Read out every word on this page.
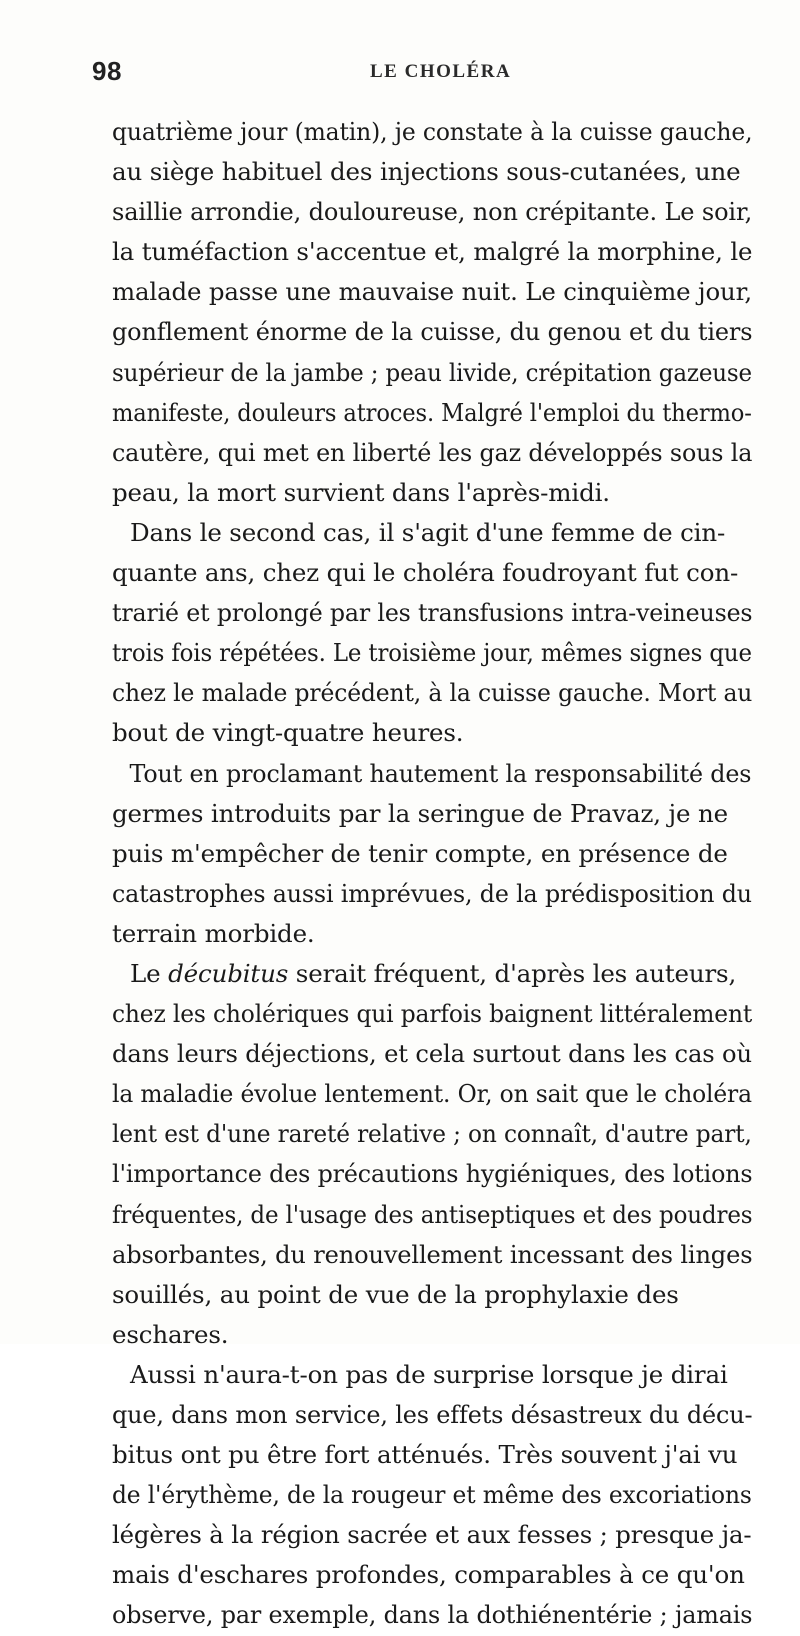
98	LE CHOLÉRA
quatrième jour (matin), je constate à la cuisse gauche,
au siège habituel des injections sous-cutanées, une
saillie arrondie, douloureuse, non crépitante. Le soir,
la tuméfaction s'accentue et, malgré la morphine, le
malade passe une mauvaise nuit. Le cinquième jour,
gonflement énorme de la cuisse, du genou et du tiers
supérieur de la jambe ; peau livide, crépitation gazeuse
manifeste, douleurs atroces. Malgré l'emploi du thermo-
cautère, qui met en liberté les gaz développés sous la
peau, la mort survient dans l'après-midi.
Dans le second cas, il s'agit d'une femme de cin-
quante ans, chez qui le choléra foudroyant fut con-
trarié et prolongé par les transfusions intra-veineuses
trois fois répétées. Le troisième jour, mêmes signes que
chez le malade précédent, à la cuisse gauche. Mort au
bout de vingt-quatre heures.
Tout en proclamant hautement la responsabilité des
germes introduits par la seringue de Pravaz, je ne
puis m'empêcher de tenir compte, en présence de
catastrophes aussi imprévues, de la prédisposition du
terrain morbide.
Le décubitus serait fréquent, d'après les auteurs,
chez les cholériques qui parfois baignent littéralement
dans leurs déjections, et cela surtout dans les cas où
la maladie évolue lentement. Or, on sait que le choléra
lent est d'une rareté relative ; on connaît, d'autre part,
l'importance des précautions hygiéniques, des lotions
fréquentes, de l'usage des antiseptiques et des poudres
absorbantes, du renouvellement incessant des linges
souillés, au point de vue de la prophylaxie des
eschares.
Aussi n'aura-t-on pas de surprise lorsque je dirai
que, dans mon service, les effets désastreux du décu-
bitus ont pu être fort atténués. Très souvent j'ai vu
de l'érythème, de la rougeur et même des excoriations
légères à la région sacrée et aux fesses ; presque ja-
mais d'eschares profondes, comparables à ce qu'on
observe, par exemple, dans la dothiénentérie ; jamais
